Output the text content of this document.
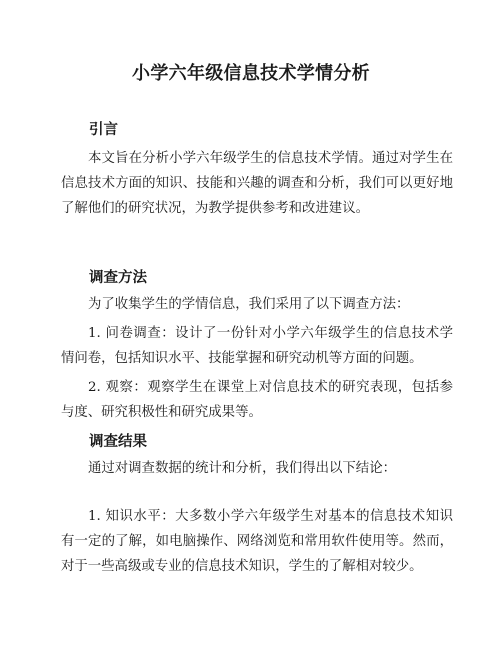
小学六年级信息技术学情分析
引言

本文旨在分析小学六年级学生的信息技术学情。通过对学生在信息技术方面的知识、技能和兴趣的调查和分析，我们可以更好地了解他们的研究状况，为教学提供参考和改进建议。

调查方法

为了收集学生的学情信息，我们采用了以下调查方法：

1. 问卷调查：设计了一份针对小学六年级学生的信息技术学情问卷，包括知识水平、技能掌握和研究动机等方面的问题。

2. 观察：观察学生在课堂上对信息技术的研究表现，包括参与度、研究积极性和研究成果等。

调查结果

通过对调查数据的统计和分析，我们得出以下结论：

1. 知识水平：大多数小学六年级学生对基本的信息技术知识有一定的了解，如电脑操作、网络浏览和常用软件使用等。然而，对于一些高级或专业的信息技术知识，学生的了解相对较少。
